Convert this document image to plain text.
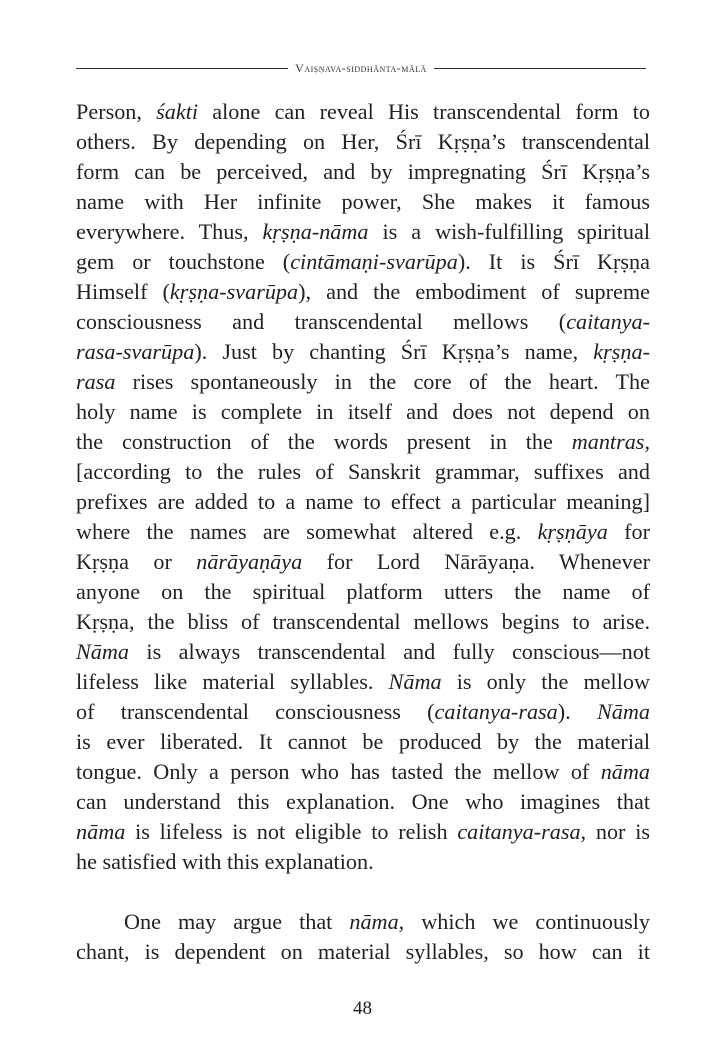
Vaiṣṇava-siddhānta-mālā
Person, śakti alone can reveal His transcendental form to
others. By depending on Her, Śrī Kṛṣṇa’s transcendental
form can be perceived, and by impregnating Śrī Kṛṣṇa’s
name with Her infinite power, She makes it famous
everywhere. Thus, kṛṣṇa-nāma is a wish-fulfilling spiritual
gem or touchstone (cintāmaṇi-svarūpa). It is Śrī Kṛṣṇa
Himself (kṛṣṇa-svarūpa), and the embodiment of supreme
consciousness and transcendental mellows (caitanya-
rasa-svarūpa). Just by chanting Śrī Kṛṣṇa’s name, kṛṣṇa-
rasa rises spontaneously in the core of the heart. The
holy name is complete in itself and does not depend on
the construction of the words present in the mantras,
[according to the rules of Sanskrit grammar, suffixes and
prefixes are added to a name to effect a particular meaning]
where the names are somewhat altered e.g. kṛṣṇāya for
Kṛṣṇa or nārāyaṇāya for Lord Nārāyaṇa. Whenever
anyone on the spiritual platform utters the name of
Kṛṣṇa, the bliss of transcendental mellows begins to arise.
Nāma is always transcendental and fully conscious—not
lifeless like material syllables. Nāma is only the mellow
of transcendental consciousness (caitanya-rasa). Nāma
is ever liberated. It cannot be produced by the material
tongue. Only a person who has tasted the mellow of nāma
can understand this explanation. One who imagines that
nāma is lifeless is not eligible to relish caitanya-rasa, nor is
he satisfied with this explanation.
One may argue that nāma, which we continuously
chant, is dependent on material syllables, so how can it
48
